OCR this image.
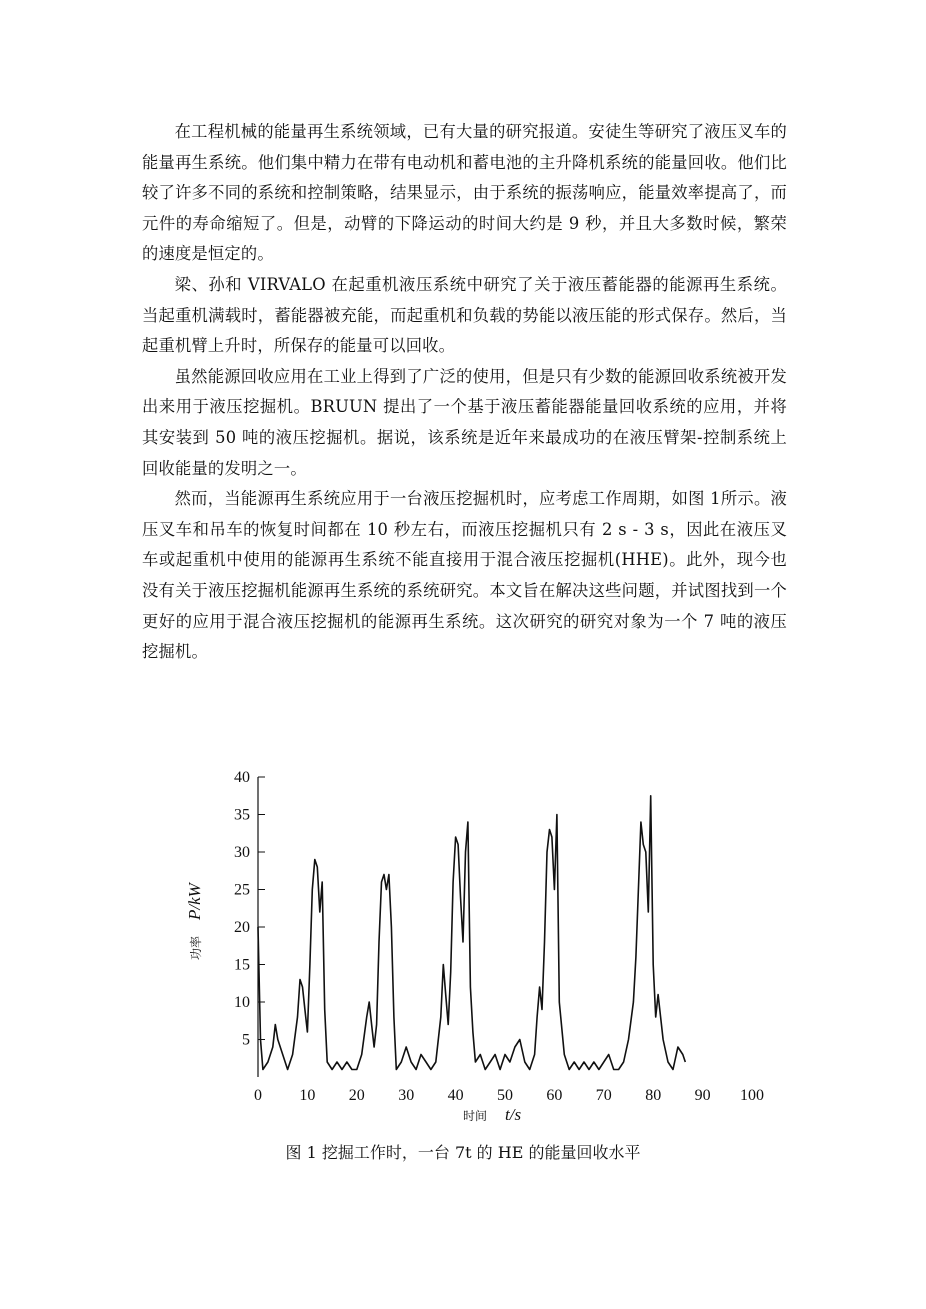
在工程机械的能量再生系统领域，已有大量的研究报道。安徒生等研究了液压叉车的能量再生系统。他们集中精力在带有电动机和蓄电池的主升降机系统的能量回收。他们比较了许多不同的系统和控制策略，结果显示，由于系统的振荡响应，能量效率提高了，而元件的寿命缩短了。但是，动臂的下降运动的时间大约是 9 秒，并且大多数时候，繁荣的速度是恒定的。

梁、孙和 VIRVALO 在起重机液压系统中研究了关于液压蓄能器的能源再生系统。当起重机满载时，蓄能器被充能，而起重机和负载的势能以液压能的形式保存。然后，当起重机臂上升时，所保存的能量可以回收。

虽然能源回收应用在工业上得到了广泛的使用，但是只有少数的能源回收系统被开发出来用于液压挖掘机。BRUUN 提出了一个基于液压蓄能器能量回收系统的应用，并将其安装到 50 吨的液压挖掘机。据说，该系统是近年来最成功的在液压臂架-控制系统上回收能量的发明之一。

然而，当能源再生系统应用于一台液压挖掘机时，应考虑工作周期，如图 1所示。液压叉车和吊车的恢复时间都在 10 秒左右，而液压挖掘机只有 2 s - 3 s，因此在液压叉车或起重机中使用的能源再生系统不能直接用于混合液压挖掘机(HHE)。此外，现今也没有关于液压挖掘机能源再生系统的系统研究。本文旨在解决这些问题，并试图找到一个更好的应用于混合液压挖掘机的能源再生系统。这次研究的研究对象为一个 7 吨的液压挖掘机。

5
10
15
20
25
30
35
40
0 10 20 30 40 50 60 70 80 90 100
时间 t/s
功率
P/kW
图 1 挖掘工作时，一台 7t 的 HE 的能量回收水平
